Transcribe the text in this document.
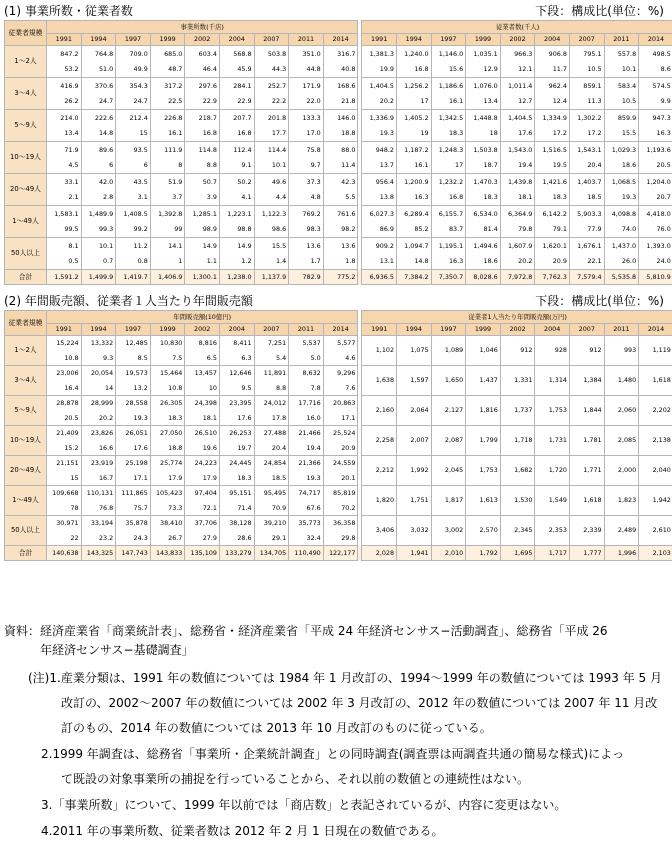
(1) 事業所数・従業者数	下段：構成比(単位：%)
従業者規模	事業所数(千店)										従業者数(千人)								
	1991	1994	1997	1999	2002	2004	2007	2011	2014		1991	1994	1997	1999	2002	2004	2007	2011	2014
1〜2人	847.2	764.8	709.0	685.0	603.4	568.8	503.8	351.0	316.7		1,381.3	1,240.0	1,146.0	1,035.1	966.3	906.8	795.1	557.8	498.5
	53.2	51.0	49.9	48.7	46.4	45.9	44.3	44.8	40.8		19.9	16.8	15.6	12.9	12.1	11.7	10.5	10.1	8.6
3〜4人	416.9	370.6	354.3	317.2	297.6	284.1	252.7	171.9	168.6		1,404.5	1,256.2	1,186.6	1,076.0	1,011.4	962.4	859.1	583.4	574.5
	26.2	24.7	24.7	22.5	22.9	22.9	22.2	22.0	21.8		20.2	17	16.1	13.4	12.7	12.4	11.3	10.5	9.9
5〜9人	214.0	222.6	212.4	226.8	218.7	207.7	201.8	133.3	146.0		1,336.9	1,405.2	1,342.5	1,448.8	1,404.5	1,334.9	1,302.2	859.9	947.3
	13.4	14.8	15	16.1	16.8	16.8	17.7	17.0	18.8		19.3	19	18.3	18	17.6	17.2	17.2	15.5	16.3
10〜19人	71.9	89.6	93.5	111.9	114.8	112.4	114.4	75.8	88.0		948.2	1,187.2	1,248.3	1,503.8	1,543.0	1,516.5	1,543.1	1,029.3	1,193.6
	4.5	6	6	8	8.8	9.1	10.1	9.7	11.4		13.7	16.1	17	18.7	19.4	19.5	20.4	18.6	20.5
20〜49人	33.1	42.0	43.5	51.9	50.7	50.2	49.6	37.3	42.3		956.4	1,200.9	1,232.2	1,470.3	1,439.8	1,421.6	1,403.7	1,068.5	1,204.0
	2.1	2.8	3.1	3.7	3.9	4.1	4.4	4.8	5.5		13.8	16.3	16.8	18.3	18.1	18.3	18.5	19.3	20.7
1〜49人	1,583.1	1,489.9	1,408.5	1,392.8	1,285.1	1,223.1	1,122.3	769.2	761.6		6,027.3	6,289.4	6,155.7	6,534.0	6,364.9	6,142.2	5,903.3	4,098.8	4,418.0
	99.5	99.3	99.2	99	98.9	98.8	98.6	98.3	98.2		86.9	85.2	83.7	81.4	79.8	79.1	77.9	74.0	76.0
50人以上	8.1	10.1	11.2	14.1	14.9	14.9	15.5	13.6	13.6		909.2	1,094.7	1,195.1	1,494.6	1,607.9	1,620.1	1,676.1	1,437.0	1,393.0
	0.5	0.7	0.8	1	1.1	1.2	1.4	1.7	1.8		13.1	14.8	16.3	18.6	20.2	20.9	22.1	26.0	24.0
合計	1,591.2	1,499.9	1,419.7	1,406.9	1,300.1	1,238.0	1,137.9	782.9	775.2		6,936.5	7,384.2	7,350.7	8,028.6	7,972.8	7,762.3	7,579.4	5,535.8	5,810.9
(2) 年間販売額、従業者１人当たり年間販売額	下段：構成比(単位：%)
従業者規模	年間販売額(10億円)										従業者1人当たり年間販売額(万円)								
	1991	1994	1997	1999	2002	2004	2007	2011	2014		1991	1994	1997	1999	2002	2004	2007	2011	2014
1〜2人	15,224	13,332	12,485	10,830	8,816	8,411	7,251	5,537	5,577		1,102	1,075	1,089	1,046	912	928	912	993	1,119
	10.8	9.3	8.5	7.5	6.5	6.3	5.4	5.0	4.6										
3〜4人	23,006	20,054	19,573	15,464	13,457	12,646	11,891	8,632	9,296		1,638	1,597	1,650	1,437	1,331	1,314	1,384	1,480	1,618
	16.4	14	13.2	10.8	10	9.5	8.8	7.8	7.6										
5〜9人	28,878	28,999	28,558	26,305	24,398	23,395	24,012	17,716	20,863		2,160	2,064	2,127	1,816	1,737	1,753	1,844	2,060	2,202
	20.5	20.2	19.3	18.3	18.1	17.6	17.8	16.0	17.1										
10〜19人	21,409	23,826	26,051	27,050	26,510	26,253	27,488	21,466	25,524		2,258	2,007	2,087	1,799	1,718	1,731	1,781	2,085	2,138
	15.2	16.6	17.6	18.8	19.6	19.7	20.4	19.4	20.9										
20〜49人	21,151	23,919	25,198	25,774	24,223	24,445	24,854	21,366	24,559		2,212	1,992	2,045	1,753	1,682	1,720	1,771	2,000	2,040
	15	16.7	17.1	17.9	17.9	18.3	18.5	19.3	20.1										
1〜49人	109,668	110,131	111,865	105,423	97,404	95,151	95,495	74,717	85,819		1,820	1,751	1,817	1,613	1,530	1,549	1,618	1,823	1,942
	78	76.8	75.7	73.3	72.1	71.4	70.9	67.6	70.2										
50人以上	30,971	33,194	35,878	38,410	37,706	38,128	39,210	35,773	36,358		3,406	3,032	3,002	2,570	2,345	2,353	2,339	2,489	2,610
	22	23.2	24.3	26.7	27.9	28.6	29.1	32.4	29.8										
合計	140,638	143,325	147,743	143,833	135,109	133,279	134,705	110,490	122,177		2,028	1,941	2,010	1,792	1,695	1,717	1,777	1,996	2,103
資料：経済産業省「商業統計表」、総務省・経済産業省「平成 24 年経済センサス−活動調査」、総務省「平成 26
年経済センサス−基礎調査」
(注)1.産業分類は、1991 年の数値については 1984 年 1 月改訂の、1994〜1999 年の数値については 1993 年 5 月
改訂の、2002〜2007 年の数値については 2002 年 3 月改訂の、2012 年の数値については 2007 年 11 月改
訂のもの、2014 年の数値については 2013 年 10 月改訂のものに従っている。
2.1999 年調査は、総務省「事業所・企業統計調査」との同時調査(調査票は両調査共通の簡易な様式)によっ
て既設の対象事業所の捕捉を行っていることから、それ以前の数値との連続性はない。
3.「事業所数」について、1999 年以前では「商店数」と表記されているが、内容に変更はない。
4.2011 年の事業所数、従業者数は 2012 年 2 月 1 日現在の数値である。
